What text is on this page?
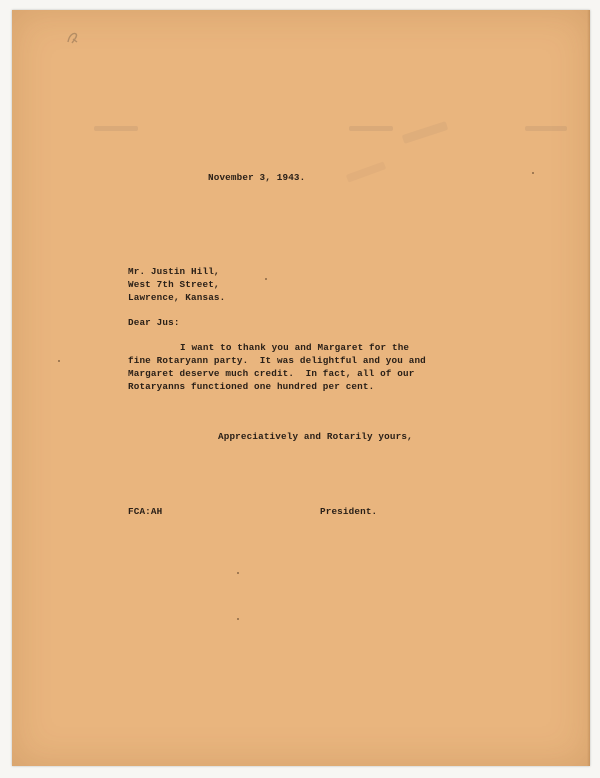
November 3, 1943.
Mr. Justin Hill,
West 7th Street,
Lawrence, Kansas.
Dear Jus:
I want to thank you and Margaret for the
fine Rotaryann party.  It was delightful and you and
Margaret deserve much credit.  In fact, all of our
Rotaryanns functioned one hundred per cent.
Appreciatively and Rotarily yours,
FCA:AH	President.
